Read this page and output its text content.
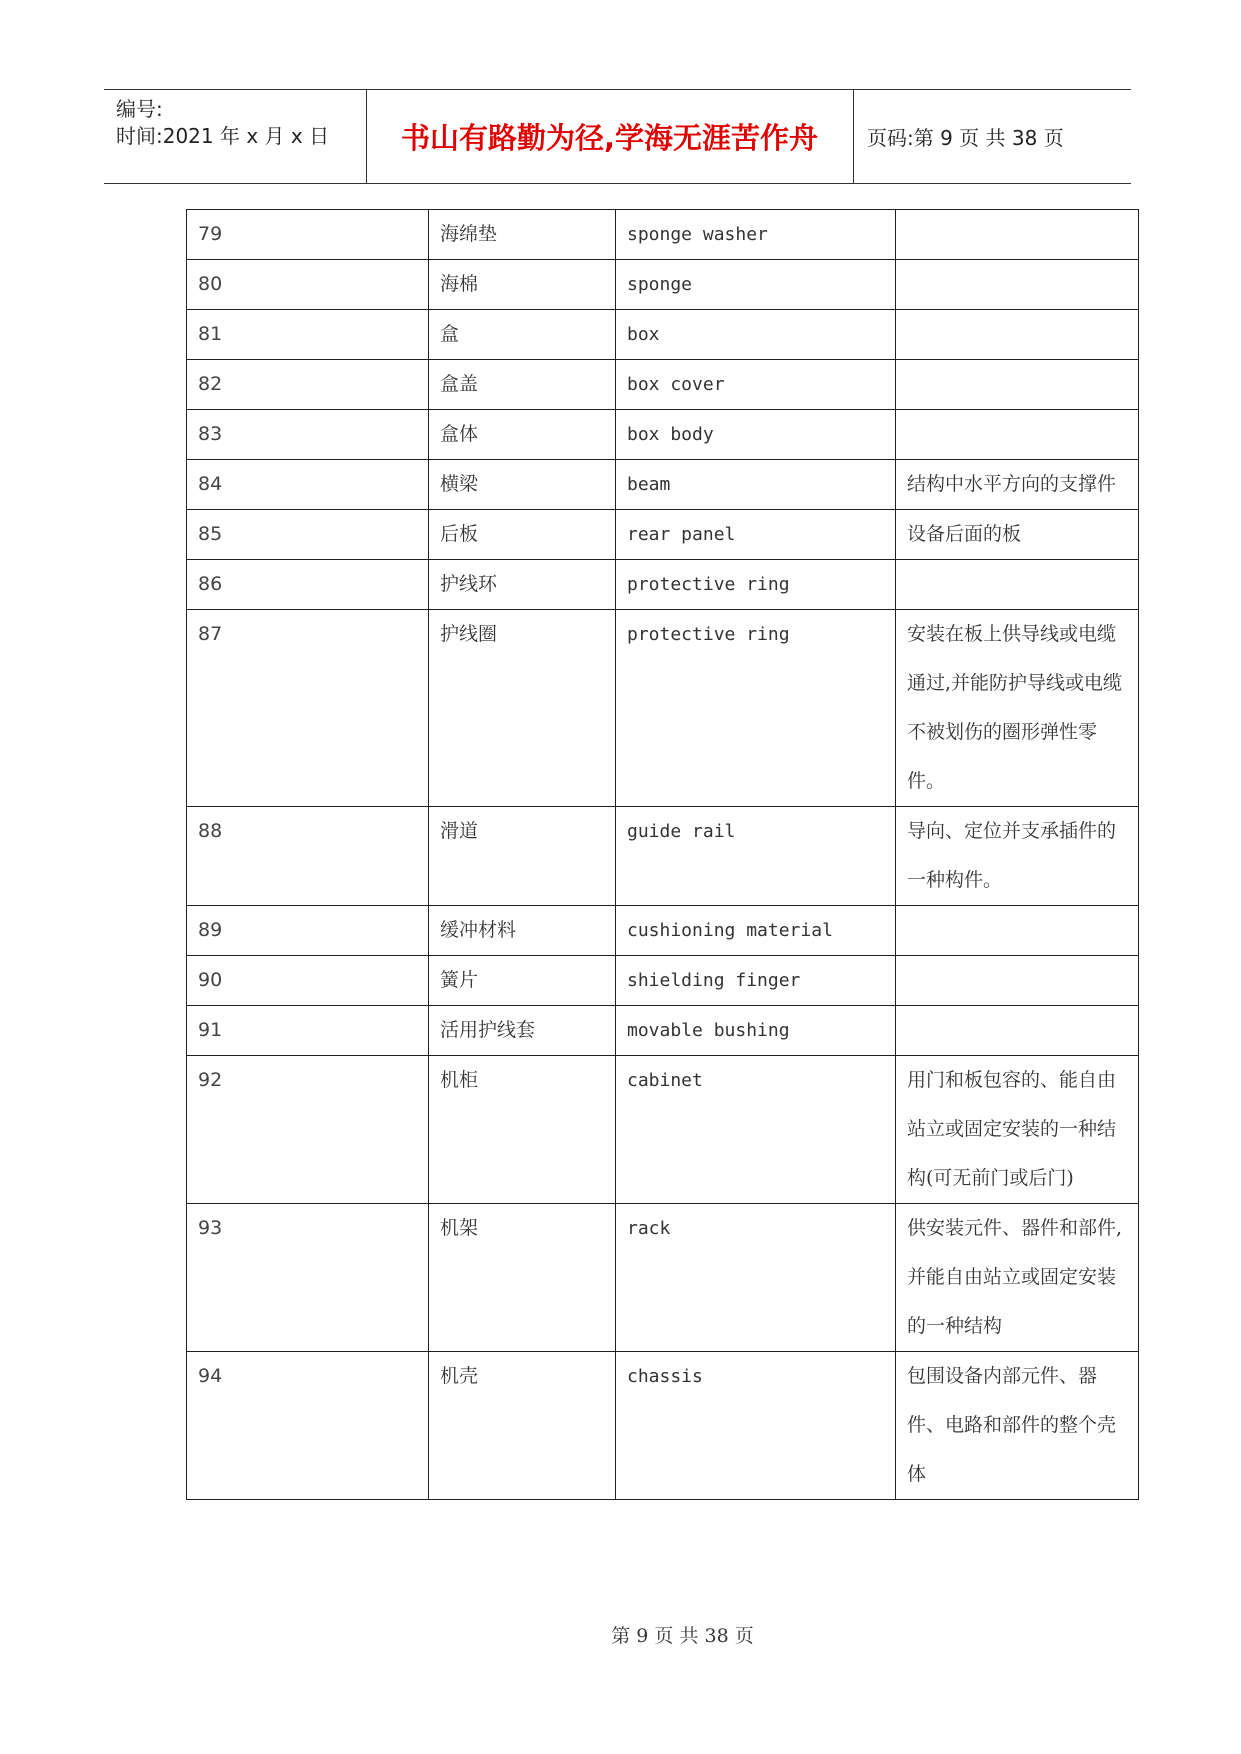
编号:
时间:2021 年 x 月 x 日	书山有路勤为径,学海无涯苦作舟	页码:第 9 页 共 38 页
79	海绵垫	sponge washer	
80	海棉	sponge	
81	盒	box	
82	盒盖	box cover	
83	盒体	box body	
84	横梁	beam	结构中水平方向的支撑件
85	后板	rear panel	设备后面的板
86	护线环	protective ring	
87	护线圈	protective ring	安装在板上供导线或电缆通过,并能防护导线或电缆不被划伤的圈形弹性零件。
88	滑道	guide rail	导向、定位并支承插件的一种构件。
89	缓冲材料	cushioning material	
90	簧片	shielding finger	
91	活用护线套	movable bushing	
92	机柜	cabinet	用门和板包容的、能自由站立或固定安装的一种结构(可无前门或后门)
93	机架	rack	供安装元件、器件和部件,并能自由站立或固定安装的一种结构
94	机壳	chassis	包围设备内部元件、器件、电路和部件的整个壳体
第 9 页 共 38 页
